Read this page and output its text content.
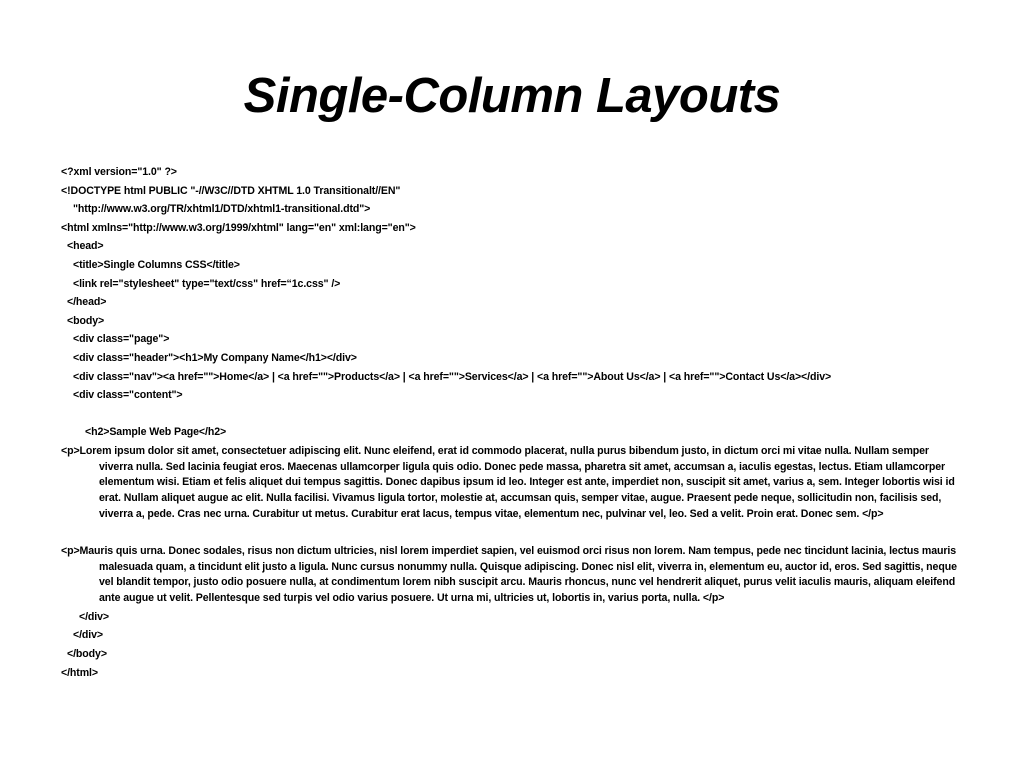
Single-Column Layouts
<?xml version="1.0" ?>
<!DOCTYPE html PUBLIC "-//W3C//DTD XHTML 1.0 Transitionalt//EN"
"http://www.w3.org/TR/xhtml1/DTD/xhtml1-transitional.dtd">
<html xmlns="http://www.w3.org/1999/xhtml" lang="en" xml:lang="en">
<head>
<title>Single Columns CSS</title>
<link rel="stylesheet" type="text/css" href=“1c.css" />
</head>
<body>
<div class="page">
<div class="header"><h1>My Company Name</h1></div>
<div class="nav"><a href="">Home</a> | <a href="">Products</a> | <a href="">Services</a> | <a href="">About Us</a> | <a href="">Contact Us</a></div>
<div class="content">
<h2>Sample Web Page</h2>
<p>Lorem ipsum dolor sit amet, consectetuer adipiscing elit. Nunc eleifend, erat id commodo placerat, nulla purus bibendum justo, in dictum orci mi vitae nulla. Nullam semper viverra nulla. Sed lacinia feugiat eros. Maecenas ullamcorper ligula quis odio. Donec pede massa, pharetra sit amet, accumsan a, iaculis egestas, lectus. Etiam ullamcorper elementum wisi. Etiam et felis aliquet dui tempus sagittis. Donec dapibus ipsum id leo. Integer est ante, imperdiet non, suscipit sit amet, varius a, sem. Integer lobortis wisi id erat. Nullam aliquet augue ac elit. Nulla facilisi. Vivamus ligula tortor, molestie at, accumsan quis, semper vitae, augue. Praesent pede neque, sollicitudin non, facilisis sed, viverra a, pede. Cras nec urna. Curabitur ut metus. Curabitur erat lacus, tempus vitae, elementum nec, pulvinar vel, leo. Sed a velit. Proin erat. Donec sem. </p>
<p>Mauris quis urna. Donec sodales, risus non dictum ultricies, nisl lorem imperdiet sapien, vel euismod orci risus non lorem. Nam tempus, pede nec tincidunt lacinia, lectus mauris malesuada quam, a tincidunt elit justo a ligula. Nunc cursus nonummy nulla. Quisque adipiscing. Donec nisl elit, viverra in, elementum eu, auctor id, eros. Sed sagittis, neque vel blandit tempor, justo odio posuere nulla, at condimentum lorem nibh suscipit arcu. Mauris rhoncus, nunc vel hendrerit aliquet, purus velit iaculis mauris, aliquam eleifend ante augue ut velit. Pellentesque sed turpis vel odio varius posuere. Ut urna mi, ultricies ut, lobortis in, varius porta, nulla. </p>
</div>
</div>
</body>
</html>
